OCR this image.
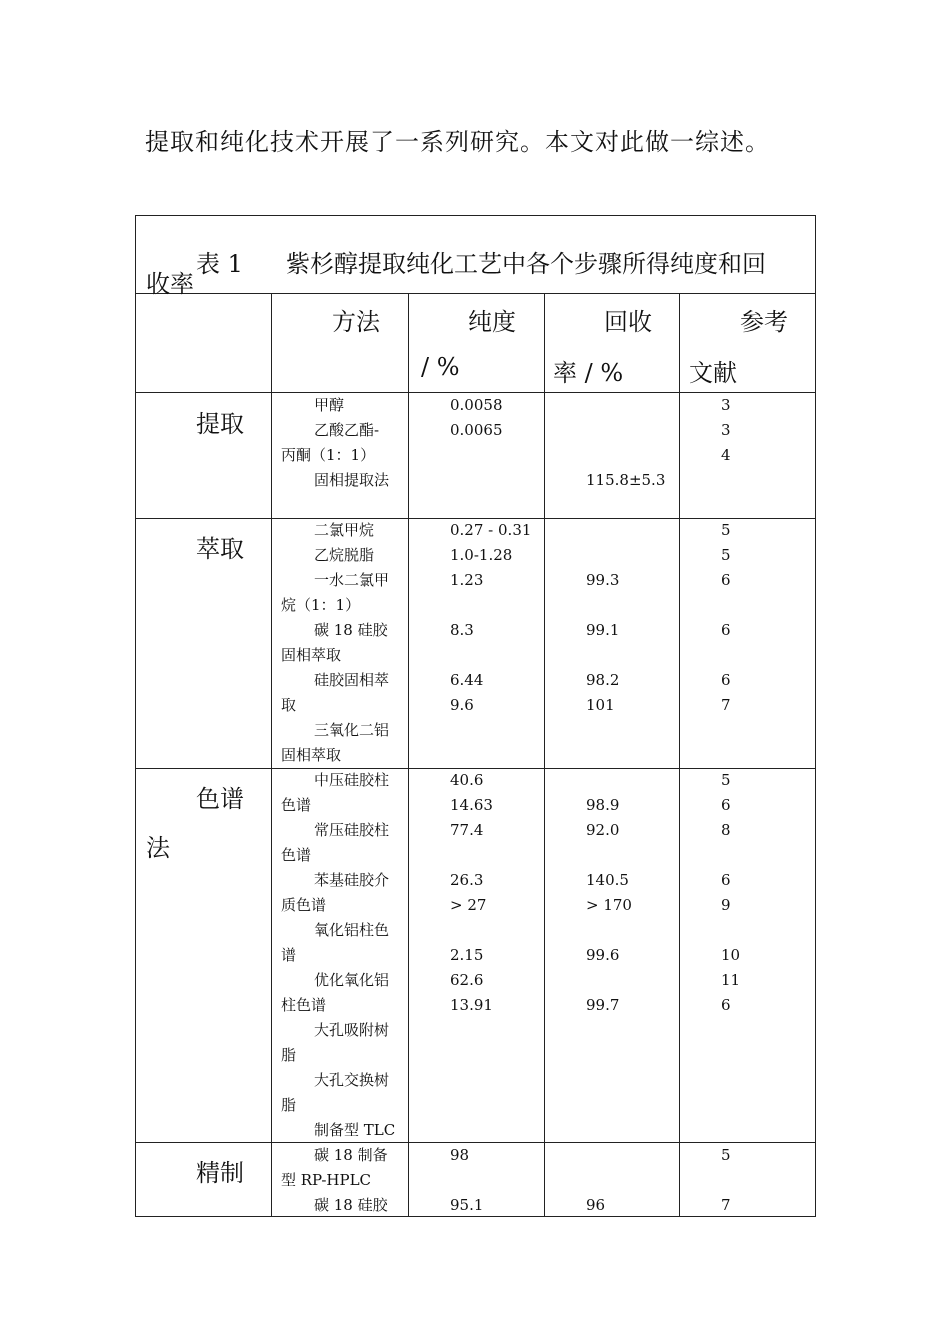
提取和纯化技术开展了一系列研究。本文对此做一综述。
表 1 紫杉醇提取纯化工艺中各个步骤所得纯度和回
收率
方法	纯度
/ %
回收
率 / %
参考
文献
提取
萃取
色谱
法
精制
甲醇
乙酸乙酯-
丙酮（1：1）
固相提取法
0.0058
0.0065
115.8±5.3
3
3
4
二氯甲烷
乙烷脱脂
一水二氯甲
烷（1：1）
碳 18 硅胶
固相萃取
硅胶固相萃
取
三氧化二铝
固相萃取
0.27 - 0.31
1.0-1.28
1.23
8.3
6.44
9.6
99.3
99.1
98.2
101
5
5
6
6
6
7
中压硅胶柱
色谱
常压硅胶柱
色谱
苯基硅胶介
质色谱
氧化铝柱色
谱
优化氧化铝
柱色谱
大孔吸附树
脂
大孔交换树
脂
制备型 TLC
40.6
14.63
77.4
26.3
> 27
2.15
62.6
13.91
98.9
92.0
140.5
> 170
99.6
99.7
5
6
8
6
9
10
11
6
碳 18 制备
型 RP-HPLC
碳 18 硅胶
98
95.1	96
5
7
